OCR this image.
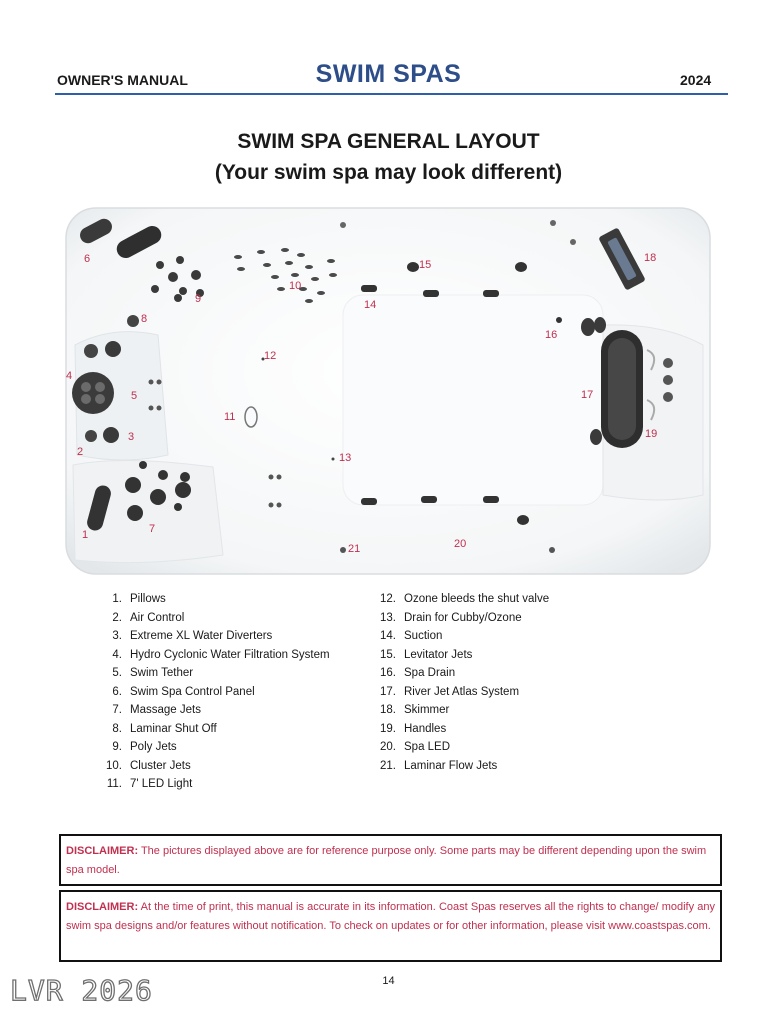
OWNER'S MANUAL	SWIM SPAS	2024
SWIM SPA GENERAL LAYOUT
(Your swim spa may look different)
1
2
3
4
5
6
7
8
9
10
11
12
13
14
15
16
17
18
19
20
21
1. Pillows
2. Air Control
3. Extreme XL Water Diverters
4. Hydro Cyclonic Water Filtration System
5. Swim Tether
6. Swim Spa Control Panel
7. Massage Jets
8. Laminar Shut Off
9. Poly Jets
10. Cluster Jets
11. 7' LED Light
12. Ozone bleeds the shut valve
13. Drain for Cubby/Ozone
14. Suction
15. Levitator Jets
16. Spa Drain
17. River Jet Atlas System
18. Skimmer
19. Handles
20. Spa LED
21. Laminar Flow Jets
DISCLAIMER: The pictures displayed above are for reference purpose only. Some parts may be different depending upon the swim spa model.
DISCLAIMER: At the time of print, this manual is accurate in its information. Coast Spas reserves all the rights to change/ modify any swim spa designs and/or features without notification. To check on updates or for other information, please visit www.coastspas.com.
14
LVR 2026
